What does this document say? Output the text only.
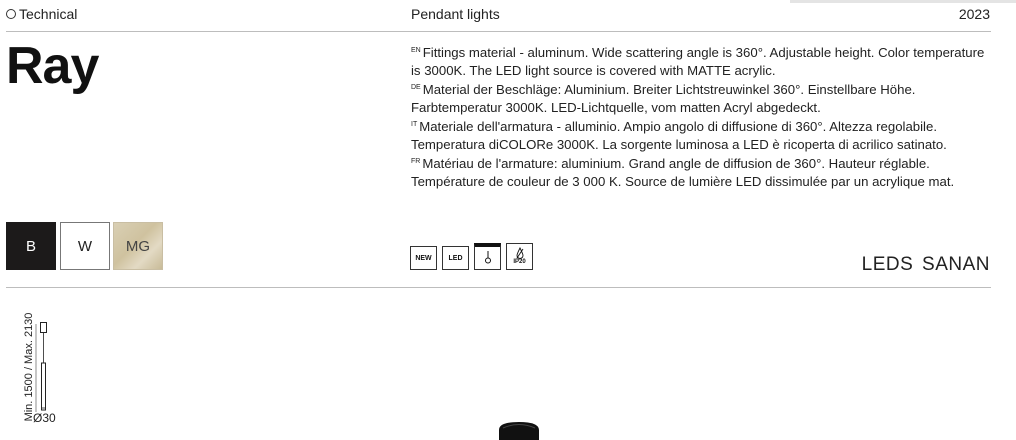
Technical	Pendant lights	2023
Ray	$^{EN}$ Fittings material - aluminum. Wide scattering angle is 360°. Adjustable height. Color temperature is 3000K. The LED light source is covered with MATTE acrylic.

$^{DE}$ Material der Beschläge: Aluminium. Breiter Lichtstreuwinkel 360°. Einstellbare Höhe. Farbtemperatur 3000K. LED-Lichtquelle, vom matten Acryl abgedeckt.

$^{IT}$ Materiale dell'armatura - alluminio. Ampio angolo di diffusione di 360°. Altezza regolabile. Temperatura diCOLORe 3000K. La sorgente luminosa a LED è ricoperta di acrilico satinato.

$^{FR}$ Matériau de l'armature: aluminium. Grand angle de diffusion de 360°. Hauteur réglable. Température de couleur de 3 000 K. Source de lumière LED dissimulée par un acrylique mat.

B	W MG
NEW LED
IP20	LEDS SANAN
Min. 1500 / Max. 2130
Ø30
